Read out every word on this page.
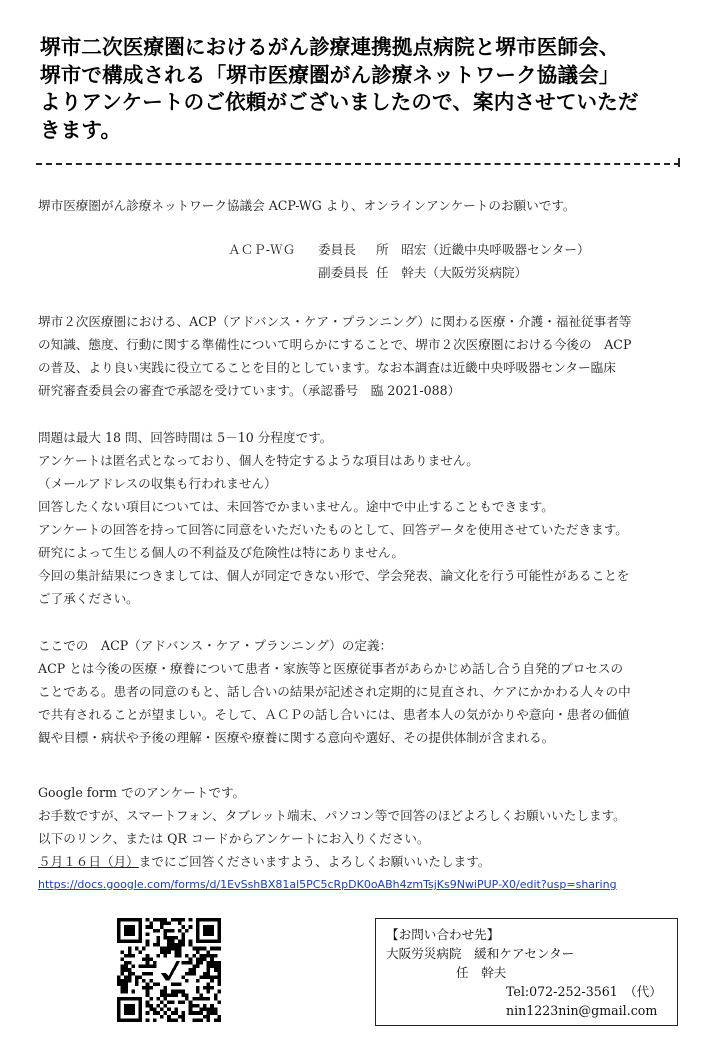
堺市二次医療圏におけるがん診療連携拠点病院と堺市医師会、
堺市で構成される「堺市医療圏がん診療ネットワーク協議会」
よりアンケートのご依頼がございましたので、案内させていただ
きます。
堺市医療圏がん診療ネットワーク協議会 ACP-WG より、オンラインアンケートのお願いです。
ＡＣＰ-ＷＧ 委員長 所　昭宏（近畿中央呼吸器センター）
副委員長 任　幹夫（大阪労災病院）
堺市２次医療圏における、ACP（アドバンス・ケア・プランニング）に関わる医療・介護・福祉従事者等
の知識、態度、行動に関する準備性について明らかにすることで、堺市２次医療圏における今後の　ACP
の普及、より良い実践に役立てることを目的としています。なお本調査は近畿中央呼吸器センター臨床
研究審査委員会の審査で承認を受けています。（承認番号　臨 2021-088）
問題は最大 18 問、回答時間は 5－10 分程度です。
アンケートは匿名式となっており、個人を特定するような項目はありません。
（メールアドレスの収集も行われません）
回答したくない項目については、未回答でかまいません。途中で中止することもできます。
アンケートの回答を持って回答に同意をいただいたものとして、回答データを使用させていただきます。
研究によって生じる個人の不利益及び危険性は特にありません。
今回の集計結果につきましては、個人が同定できない形で、学会発表、論文化を行う可能性があることを
ご了承ください。
ここでの　ACP（アドバンス・ケア・プランニング）の定義：
ACP とは今後の医療・療養について患者・家族等と医療従事者があらかじめ話し合う自発的プロセスの
ことである。患者の同意のもと、話し合いの結果が記述され定期的に見直され、ケアにかかわる人々の中
で共有されることが望ましい。そして、ＡＣＰの話し合いには、患者本人の気がかりや意向・患者の価値
観や目標・病状や予後の理解・医療や療養に関する意向や選好、その提供体制が含まれる。
Google form でのアンケートです。
お手数ですが、スマートフォン、タブレット端末、パソコン等で回答のほどよろしくお願いいたします。
以下のリンク、または QR コードからアンケートにお入りください。
５月１６日（月）までにご回答くださいますよう、よろしくお願いいたします。
https://docs.google.com/forms/d/1EvSshBX81al5PC5cRpDK0oABh4zmTsjKs9NwiPUP-X0/edit?usp=sharing
【お問い合わせ先】
大阪労災病院　緩和ケアセンター
任　幹夫
Tel:072-252-3561　（代）
nin1223nin@gmail.com
